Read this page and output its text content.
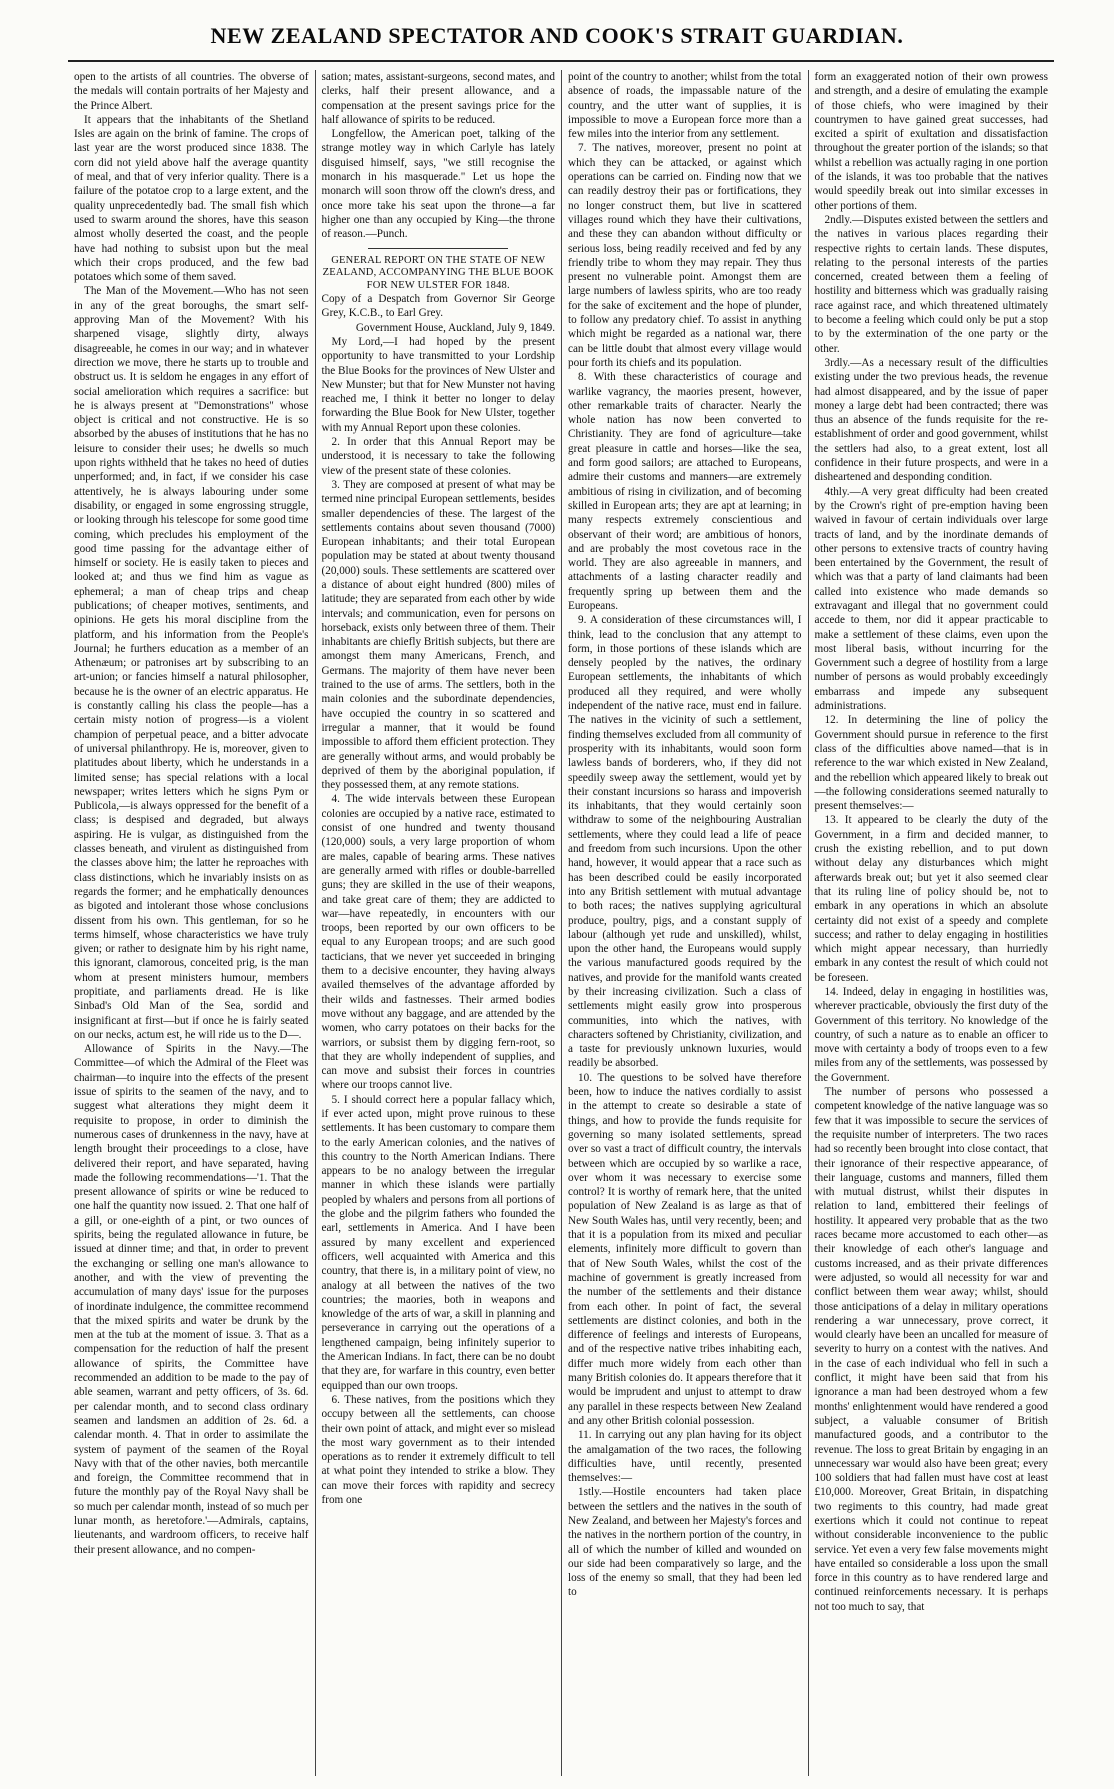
NEW ZEALAND SPECTATOR AND COOK'S STRAIT GUARDIAN.

open to the artists of all countries. The obverse of the medals will contain portraits of her Majesty and the Prince Albert.

It appears that the inhabitants of the Shetland Isles are again on the brink of famine. The crops of last year are the worst produced since 1838. The corn did not yield above half the average quantity of meal, and that of very inferior quality. There is a failure of the potatoe crop to a large extent, and the quality unprecedentedly bad. The small fish which used to swarm around the shores, have this season almost wholly deserted the coast, and the people have had nothing to subsist upon but the meal which their crops produced, and the few bad potatoes which some of them saved.

The Man of the Movement.—Who has not seen in any of the great boroughs, the smart self-approving Man of the Movement? With his sharpened visage, slightly dirty, always disagreeable, he comes in our way; and in whatever direction we move, there he starts up to trouble and obstruct us. It is seldom he engages in any effort of social amelioration which requires a sacrifice: but he is always present at "Demonstrations" whose object is critical and not constructive. He is so absorbed by the abuses of institutions that he has no leisure to consider their uses; he dwells so much upon rights withheld that he takes no heed of duties unperformed; and, in fact, if we consider his case attentively, he is always labouring under some disability, or engaged in some engrossing struggle, or looking through his telescope for some good time coming, which precludes his employment of the good time passing for the advantage either of himself or society. He is easily taken to pieces and looked at; and thus we find him as vague as ephemeral; a man of cheap trips and cheap publications; of cheaper motives, sentiments, and opinions. He gets his moral discipline from the platform, and his information from the People's Journal; he furthers education as a member of an Athenæum; or patronises art by subscribing to an art-union; or fancies himself a natural philosopher, because he is the owner of an electric apparatus. He is constantly calling his class the people—has a certain misty notion of progress—is a violent champion of perpetual peace, and a bitter advocate of universal philanthropy. He is, moreover, given to platitudes about liberty, which he understands in a limited sense; has special relations with a local newspaper; writes letters which he signs Pym or Publicola,—is always oppressed for the benefit of a class; is despised and degraded, but always aspiring. He is vulgar, as distinguished from the classes beneath, and virulent as distinguished from the classes above him; the latter he reproaches with class distinctions, which he invariably insists on as regards the former; and he emphatically denounces as bigoted and intolerant those whose conclusions dissent from his own. This gentleman, for so he terms himself, whose characteristics we have truly given; or rather to designate him by his right name, this ignorant, clamorous, conceited prig, is the man whom at present ministers humour, members propitiate, and parliaments dread. He is like Sinbad's Old Man of the Sea, sordid and insignificant at first—but if once he is fairly seated on our necks, actum est, he will ride us to the D—.

Allowance of Spirits in the Navy.—The Committee—of which the Admiral of the Fleet was chairman—to inquire into the effects of the present issue of spirits to the seamen of the navy, and to suggest what alterations they might deem it requisite to propose, in order to diminish the numerous cases of drunkenness in the navy, have at length brought their proceedings to a close, have delivered their report, and have separated, having made the following recommendations—'1. That the present allowance of spirits or wine be reduced to one half the quantity now issued. 2. That one half of a gill, or one-eighth of a pint, or two ounces of spirits, being the regulated allowance in future, be issued at dinner time; and that, in order to prevent the exchanging or selling one man's allowance to another, and with the view of preventing the accumulation of many days' issue for the purposes of inordinate indulgence, the committee recommend that the mixed spirits and water be drunk by the men at the tub at the moment of issue. 3. That as a compensation for the reduction of half the present allowance of spirits, the Committee have recommended an addition to be made to the pay of able seamen, warrant and petty officers, of 3s. 6d. per calendar month, and to second class ordinary seamen and landsmen an addition of 2s. 6d. a calendar month. 4. That in order to assimilate the system of payment of the seamen of the Royal Navy with that of the other navies, both mercantile and foreign, the Committee recommend that in future the monthly pay of the Royal Navy shall be so much per calendar month, instead of so much per lunar month, as heretofore.'—Admirals, captains, lieutenants, and wardroom officers, to receive half their present allowance, and no compen-

sation; mates, assistant-surgeons, second mates, and clerks, half their present allowance, and a compensation at the present savings price for the half allowance of spirits to be reduced.

Longfellow, the American poet, talking of the strange motley way in which Carlyle has lately disguised himself, says, "we still recognise the monarch in his masquerade." Let us hope the monarch will soon throw off the clown's dress, and once more take his seat upon the throne—a far higher one than any occupied by King—the throne of reason.—Punch.

GENERAL REPORT ON THE STATE OF NEW ZEALAND, ACCOMPANYING THE BLUE BOOK FOR NEW ULSTER FOR 1848.

Copy of a Despatch from Governor Sir George Grey, K.C.B., to Earl Grey.

Government House, Auckland, July 9, 1849.

My Lord,—I had hoped by the present opportunity to have transmitted to your Lordship the Blue Books for the provinces of New Ulster and New Munster; but that for New Munster not having reached me, I think it better no longer to delay forwarding the Blue Book for New Ulster, together with my Annual Report upon these colonies.

2. In order that this Annual Report may be understood, it is necessary to take the following view of the present state of these colonies.

3. They are composed at present of what may be termed nine principal European settlements, besides smaller dependencies of these. The largest of the settlements contains about seven thousand (7000) European inhabitants; and their total European population may be stated at about twenty thousand (20,000) souls. These settlements are scattered over a distance of about eight hundred (800) miles of latitude; they are separated from each other by wide intervals; and communication, even for persons on horseback, exists only between three of them. Their inhabitants are chiefly British subjects, but there are amongst them many Americans, French, and Germans. The majority of them have never been trained to the use of arms. The settlers, both in the main colonies and the subordinate dependencies, have occupied the country in so scattered and irregular a manner, that it would be found impossible to afford them efficient protection. They are generally without arms, and would probably be deprived of them by the aboriginal population, if they possessed them, at any remote stations.

4. The wide intervals between these European colonies are occupied by a native race, estimated to consist of one hundred and twenty thousand (120,000) souls, a very large proportion of whom are males, capable of bearing arms. These natives are generally armed with rifles or double-barrelled guns; they are skilled in the use of their weapons, and take great care of them; they are addicted to war—have repeatedly, in encounters with our troops, been reported by our own officers to be equal to any European troops; and are such good tacticians, that we never yet succeeded in bringing them to a decisive encounter, they having always availed themselves of the advantage afforded by their wilds and fastnesses. Their armed bodies move without any baggage, and are attended by the women, who carry potatoes on their backs for the warriors, or subsist them by digging fern-root, so that they are wholly independent of supplies, and can move and subsist their forces in countries where our troops cannot live.

5. I should correct here a popular fallacy which, if ever acted upon, might prove ruinous to these settlements. It has been customary to compare them to the early American colonies, and the natives of this country to the North American Indians. There appears to be no analogy between the irregular manner in which these islands were partially peopled by whalers and persons from all portions of the globe and the pilgrim fathers who founded the earl, settlements in America. And I have been assured by many excellent and experienced officers, well acquainted with America and this country, that there is, in a military point of view, no analogy at all between the natives of the two countries; the maories, both in weapons and knowledge of the arts of war, a skill in planning and perseverance in carrying out the operations of a lengthened campaign, being infinitely superior to the American Indians. In fact, there can be no doubt that they are, for warfare in this country, even better equipped than our own troops.

6. These natives, from the positions which they occupy between all the settlements, can choose their own point of attack, and might ever so mislead the most wary government as to their intended operations as to render it extremely difficult to tell at what point they intended to strike a blow. They can move their forces with rapidity and secrecy from one

point of the country to another; whilst from the total absence of roads, the impassable nature of the country, and the utter want of supplies, it is impossible to move a European force more than a few miles into the interior from any settlement.

7. The natives, moreover, present no point at which they can be attacked, or against which operations can be carried on. Finding now that we can readily destroy their pas or fortifications, they no longer construct them, but live in scattered villages round which they have their cultivations, and these they can abandon without difficulty or serious loss, being readily received and fed by any friendly tribe to whom they may repair. They thus present no vulnerable point. Amongst them are large numbers of lawless spirits, who are too ready for the sake of excitement and the hope of plunder, to follow any predatory chief. To assist in anything which might be regarded as a national war, there can be little doubt that almost every village would pour forth its chiefs and its population.

8. With these characteristics of courage and warlike vagrancy, the maories present, however, other remarkable traits of character. Nearly the whole nation has now been converted to Christianity. They are fond of agriculture—take great pleasure in cattle and horses—like the sea, and form good sailors; are attached to Europeans, admire their customs and manners—are extremely ambitious of rising in civilization, and of becoming skilled in European arts; they are apt at learning; in many respects extremely conscientious and observant of their word; are ambitious of honors, and are probably the most covetous race in the world. They are also agreeable in manners, and attachments of a lasting character readily and frequently spring up between them and the Europeans.

9. A consideration of these circumstances will, I think, lead to the conclusion that any attempt to form, in those portions of these islands which are densely peopled by the natives, the ordinary European settlements, the inhabitants of which produced all they required, and were wholly independent of the native race, must end in failure. The natives in the vicinity of such a settlement, finding themselves excluded from all community of prosperity with its inhabitants, would soon form lawless bands of borderers, who, if they did not speedily sweep away the settlement, would yet by their constant incursions so harass and impoverish its inhabitants, that they would certainly soon withdraw to some of the neighbouring Australian settlements, where they could lead a life of peace and freedom from such incursions. Upon the other hand, however, it would appear that a race such as has been described could be easily incorporated into any British settlement with mutual advantage to both races; the natives supplying agricultural produce, poultry, pigs, and a constant supply of labour (although yet rude and unskilled), whilst, upon the other hand, the Europeans would supply the various manufactured goods required by the natives, and provide for the manifold wants created by their increasing civilization. Such a class of settlements might easily grow into prosperous communities, into which the natives, with characters softened by Christianity, civilization, and a taste for previously unknown luxuries, would readily be absorbed.

10. The questions to be solved have therefore been, how to induce the natives cordially to assist in the attempt to create so desirable a state of things, and how to provide the funds requisite for governing so many isolated settlements, spread over so vast a tract of difficult country, the intervals between which are occupied by so warlike a race, over whom it was necessary to exercise some control? It is worthy of remark here, that the united population of New Zealand is as large as that of New South Wales has, until very recently, been; and that it is a population from its mixed and peculiar elements, infinitely more difficult to govern than that of New South Wales, whilst the cost of the machine of government is greatly increased from the number of the settlements and their distance from each other. In point of fact, the several settlements are distinct colonies, and both in the difference of feelings and interests of Europeans, and of the respective native tribes inhabiting each, differ much more widely from each other than many British colonies do. It appears therefore that it would be imprudent and unjust to attempt to draw any parallel in these respects between New Zealand and any other British colonial possession.

11. In carrying out any plan having for its object the amalgamation of the two races, the following difficulties have, until recently, presented themselves:—

1stly.—Hostile encounters had taken place between the settlers and the natives in the south of New Zealand, and between her Majesty's forces and the natives in the northern portion of the country, in all of which the number of killed and wounded on our side had been comparatively so large, and the loss of the enemy so small, that they had been led to

form an exaggerated notion of their own prowess and strength, and a desire of emulating the example of those chiefs, who were imagined by their countrymen to have gained great successes, had excited a spirit of exultation and dissatisfaction throughout the greater portion of the islands; so that whilst a rebellion was actually raging in one portion of the islands, it was too probable that the natives would speedily break out into similar excesses in other portions of them.

2ndly.—Disputes existed between the settlers and the natives in various places regarding their respective rights to certain lands. These disputes, relating to the personal interests of the parties concerned, created between them a feeling of hostility and bitterness which was gradually raising race against race, and which threatened ultimately to become a feeling which could only be put a stop to by the extermination of the one party or the other.

3rdly.—As a necessary result of the difficulties existing under the two previous heads, the revenue had almost disappeared, and by the issue of paper money a large debt had been contracted; there was thus an absence of the funds requisite for the re-establishment of order and good government, whilst the settlers had also, to a great extent, lost all confidence in their future prospects, and were in a disheartened and desponding condition.

4thly.—A very great difficulty had been created by the Crown's right of pre-emption having been waived in favour of certain individuals over large tracts of land, and by the inordinate demands of other persons to extensive tracts of country having been entertained by the Government, the result of which was that a party of land claimants had been called into existence who made demands so extravagant and illegal that no government could accede to them, nor did it appear practicable to make a settlement of these claims, even upon the most liberal basis, without incurring for the Government such a degree of hostility from a large number of persons as would probably exceedingly embarrass and impede any subsequent administrations.

12. In determining the line of policy the Government should pursue in reference to the first class of the difficulties above named—that is in reference to the war which existed in New Zealand, and the rebellion which appeared likely to break out—the following considerations seemed naturally to present themselves:—

13. It appeared to be clearly the duty of the Government, in a firm and decided manner, to crush the existing rebellion, and to put down without delay any disturbances which might afterwards break out; but yet it also seemed clear that its ruling line of policy should be, not to embark in any operations in which an absolute certainty did not exist of a speedy and complete success; and rather to delay engaging in hostilities which might appear necessary, than hurriedly embark in any contest the result of which could not be foreseen.

14. Indeed, delay in engaging in hostilities was, wherever practicable, obviously the first duty of the Government of this territory. No knowledge of the country, of such a nature as to enable an officer to move with certainty a body of troops even to a few miles from any of the settlements, was possessed by the Government.

The number of persons who possessed a competent knowledge of the native language was so few that it was impossible to secure the services of the requisite number of interpreters. The two races had so recently been brought into close contact, that their ignorance of their respective appearance, of their language, customs and manners, filled them with mutual distrust, whilst their disputes in relation to land, embittered their feelings of hostility. It appeared very probable that as the two races became more accustomed to each other—as their knowledge of each other's language and customs increased, and as their private differences were adjusted, so would all necessity for war and conflict between them wear away; whilst, should those anticipations of a delay in military operations rendering a war unnecessary, prove correct, it would clearly have been an uncalled for measure of severity to hurry on a contest with the natives. And in the case of each individual who fell in such a conflict, it might have been said that from his ignorance a man had been destroyed whom a few months' enlightenment would have rendered a good subject, a valuable consumer of British manufactured goods, and a contributor to the revenue. The loss to great Britain by engaging in an unnecessary war would also have been great; every 100 soldiers that had fallen must have cost at least £10,000. Moreover, Great Britain, in dispatching two regiments to this country, had made great exertions which it could not continue to repeat without considerable inconvenience to the public service. Yet even a very few false movements might have entailed so considerable a loss upon the small force in this country as to have rendered large and continued reinforcements necessary. It is perhaps not too much to say, that
